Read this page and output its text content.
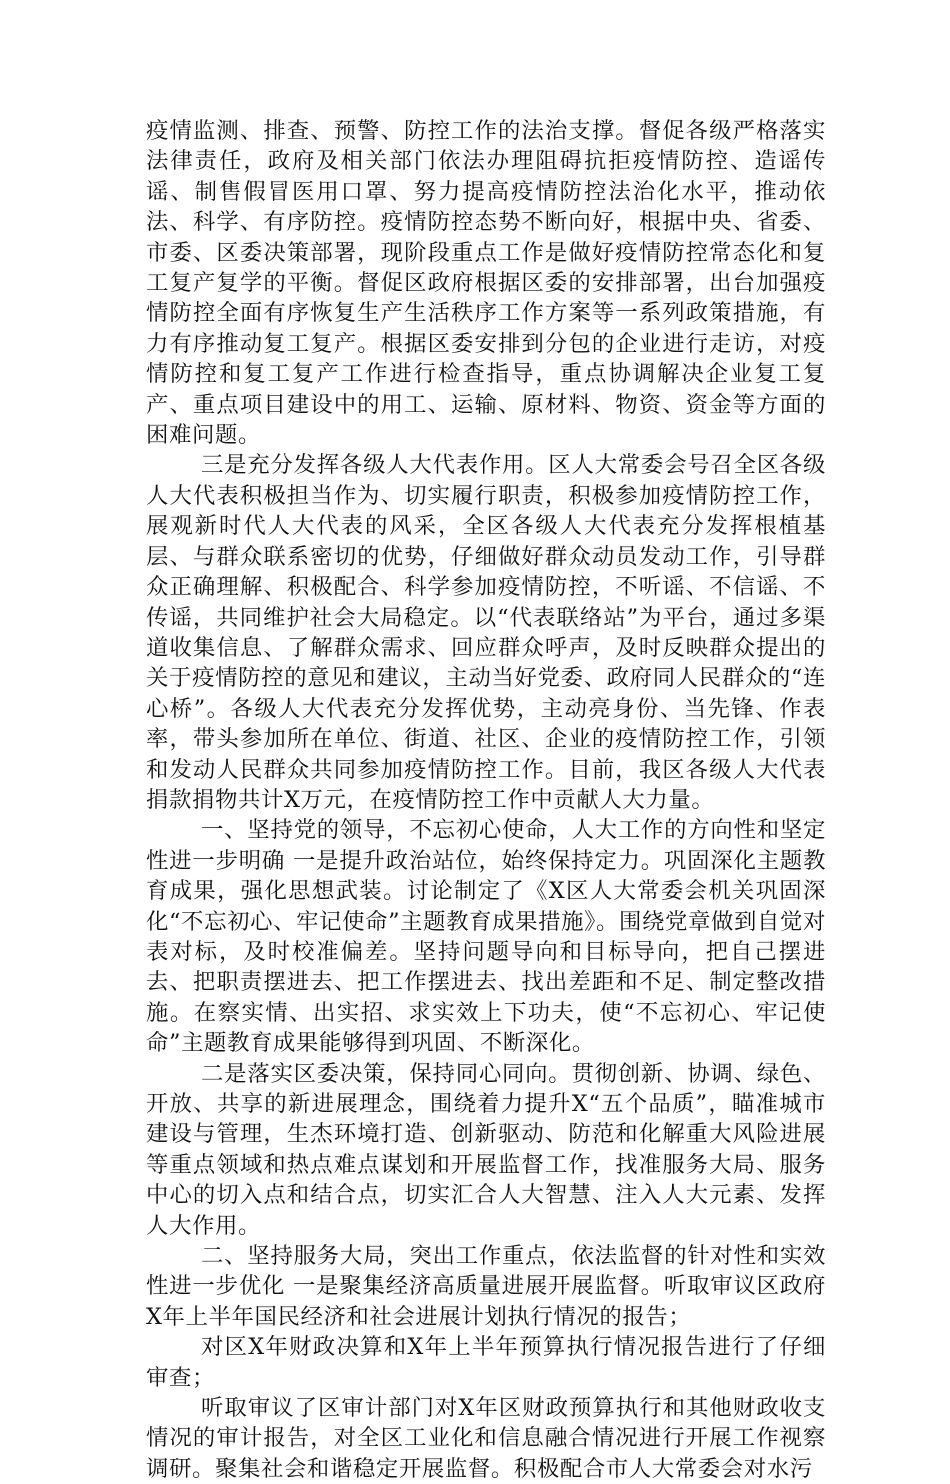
疫情监测、排查、预警、防控工作的法治支撑。督促各级严格落实法律责任，政府及相关部门依法办理阻碍抗拒疫情防控、造谣传谣、制售假冒医用口罩、努力提高疫情防控法治化水平，推动依法、科学、有序防控。疫情防控态势不断向好，根据中央、省委、市委、区委决策部署，现阶段重点工作是做好疫情防控常态化和复工复产复学的平衡。督促区政府根据区委的安排部署，出台加强疫情防控全面有序恢复生产生活秩序工作方案等一系列政策措施，有力有序推动复工复产。根据区委安排到分包的企业进行走访，对疫情防控和复工复产工作进行检查指导，重点协调解决企业复工复产、重点项目建设中的用工、运输、原材料、物资、资金等方面的困难问题。

三是充分发挥各级人大代表作用。区人大常委会号召全区各级人大代表积极担当作为、切实履行职责，积极参加疫情防控工作，展观新时代人大代表的风采，全区各级人大代表充分发挥根植基层、与群众联系密切的优势，仔细做好群众动员发动工作，引导群众正确理解、积极配合、科学参加疫情防控，不听谣、不信谣、不传谣，共同维护社会大局稳定。以“代表联络站”为平台，通过多渠道收集信息、了解群众需求、回应群众呼声，及时反映群众提出的关于疫情防控的意见和建议，主动当好党委、政府同人民群众的“连心桥”。各级人大代表充分发挥优势，主动亮身份、当先锋、作表率，带头参加所在单位、街道、社区、企业的疫情防控工作，引领和发动人民群众共同参加疫情防控工作。目前，我区各级人大代表捐款捐物共计X万元，在疫情防控工作中贡献人大力量。

一、坚持党的领导，不忘初心使命，人大工作的方向性和坚定性进一步明确 一是提升政治站位，始终保持定力。巩固深化主题教育成果，强化思想武装。讨论制定了《X区人大常委会机关巩固深化“不忘初心、牢记使命”主题教育成果措施》。围绕党章做到自觉对表对标，及时校准偏差。坚持问题导向和目标导向，把自己摆进去、把职责摆进去、把工作摆进去、找出差距和不足、制定整改措施。在察实情、出实招、求实效上下功夫，使“不忘初心、牢记使命”主题教育成果能够得到巩固、不断深化。

二是落实区委决策，保持同心同向。贯彻创新、协调、绿色、开放、共享的新进展理念，围绕着力提升X“五个品质”，瞄准城市建设与管理，生杰环境打造、创新驱动、防范和化解重大风险进展等重点领域和热点难点谋划和开展监督工作，找准服务大局、服务中心的切入点和结合点，切实汇合人大智慧、注入人大元素、发挥人大作用。

二、坚持服务大局，突出工作重点，依法监督的针对性和实效性进一步优化 一是聚集经济高质量进展开展监督。听取审议区政府X年上半年国民经济和社会进展计划执行情况的报告；

对区X年财政决算和X年上半年预算执行情况报告进行了仔细审查；

听取审议了区审计部门对X年区财政预算执行和其他财政收支情况的审计报告，对全区工业化和信息融合情况进行开展工作视察调研。聚集社会和谐稳定开展监督。积极配合市人大常委会对水污
